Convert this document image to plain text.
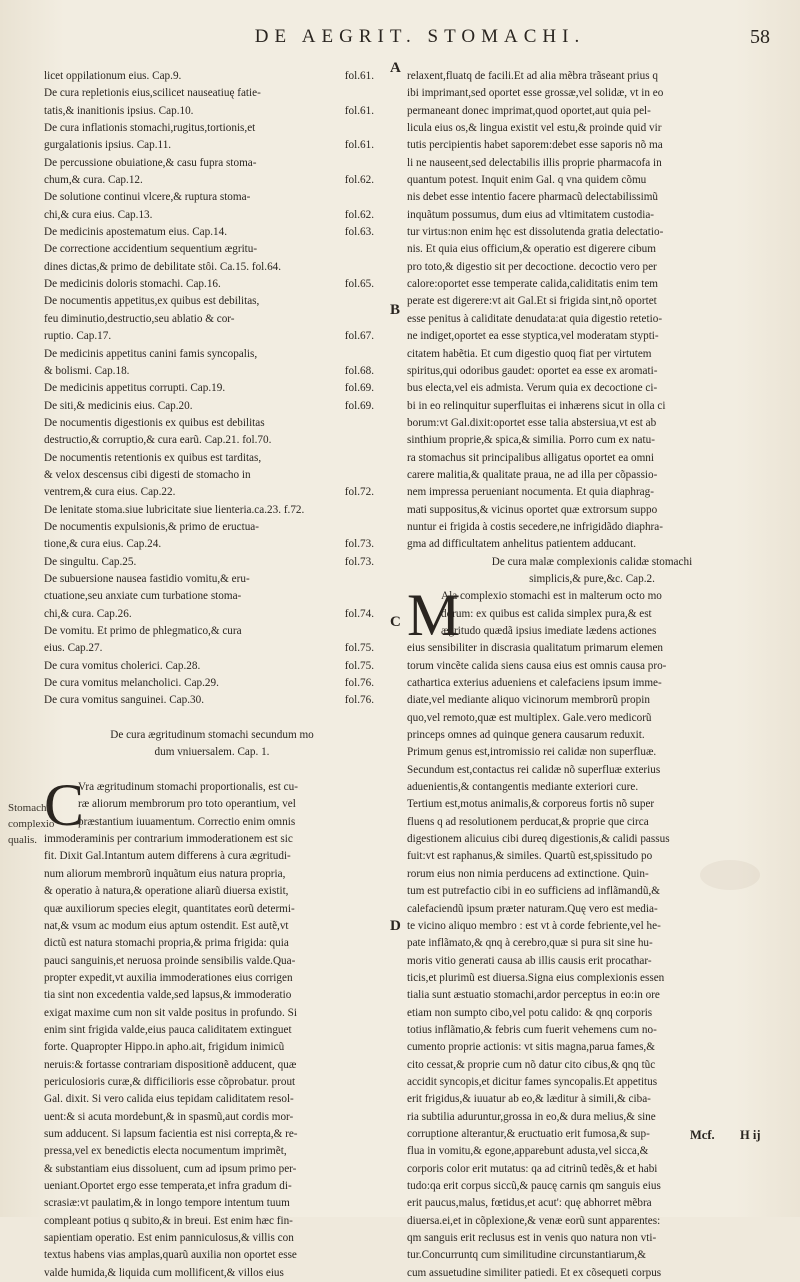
DE AEGRIT. STOMACHI.	58
licet oppilationum eius. Cap.9.	fol.61.
De cura repletionis eius,scilicet nauseatiuę fatie-
tatis,& inanitionis ipsius. Cap.10.	fol.61.
De cura inflationis stomachi,rugitus,tortionis,et
gurgalationis ipsius. Cap.11.	fol.61.
De percussione obuiatione,& casu fupra stoma-
chum,& cura. Cap.12.	fol.62.
De solutione continui vlcere,& ruptura stoma-
chi,& cura eius. Cap.13.	fol.62.
De medicinis apostematum eius. Cap.14.	fol.63.
De correctione accidentium sequentium ægritu-
dines dictas,& primo de debilitate stôi. Ca.15. fol.64.
De medicinis doloris stomachi. Cap.16.	fol.65.
De nocumentis appetitus,ex quibus est debilitas,
feu diminutio,destructio,seu ablatio & cor-
ruptio. Cap.17.	fol.67.
De medicinis appetitus canini famis syncopalis,
& bolismi. Cap.18.	fol.68.
De medicinis appetitus corrupti. Cap.19.	fol.69.
De siti,& medicinis eius. Cap.20.	fol.69.
De nocumentis digestionis ex quibus est debilitas
destructio,& corruptio,& cura earũ. Cap.21. fol.70.
De nocumentis retentionis ex quibus est tarditas,
& velox descensus cibi digesti de stomacho in
ventrem,& cura eius. Cap.22.	fol.72.
De lenitate stoma.siue lubricitate siue lienteria.ca.23. f.72.
De nocumentis expulsionis,& primo de eructua-
tione,& cura eius. Cap.24.	fol.73.
De singultu. Cap.25.	fol.73.
De subuersione nausea fastidio vomitu,& eru-
ctuatione,seu anxiate cum turbatione stoma-
chi,& cura. Cap.26.	fol.74.
De vomitu. Et primo de phlegmatico,& cura
eius. Cap.27.	fol.75.
De cura vomitus cholerici. Cap.28.	fol.75.
De cura vomitus melancholici. Cap.29.	fol.76.
De cura vomitus sanguinei. Cap.30.	fol.76.

De cura ægritudinum stomachi secundum mo
dum vniuersalem. Cap. 1.

Vra ægritudinum stomachi proportionalis, est cu-
ræ aliorum membrorum pro toto operantium, vel
præstantium iuuamentum. Correctio enim omnis
immoderaminis per contrarium immoderationem est sic
fit. Dixit Gal.Intantum autem differens à cura ægritudi-
num aliorum membrorũ inquãtum eius natura propria,
& operatio à natura,& operatione aliarũ diuersa existit,
quæ auxiliorum species elegit, quantitates eorũ determi-
nat,& vsum ac modum eius aptum ostendit. Est autẽ,vt
dictũ est natura stomachi propria,& prima frigida: quia
pauci sanguinis,et neruosa proinde sensibilis valde.Qua-
propter expedit,vt auxilia immoderationes eius corrigen
tia sint non excedentia valde,sed lapsus,& immoderatio
exigat maxime cum non sit valde positus in profundo. Si
enim sint frigida valde,eius pauca caliditatem extinguet
forte. Quapropter Hippo.in apho.ait, frigidum inimicũ
neruis:& fortasse contrariam dispositionẽ adducent, quæ
periculosioris curæ,& difficilioris esse cõprobatur. prout
Gal. dixit. Si vero calida eius tepidam caliditatem resol-
uent:& si acuta mordebunt,& in spasmũ,aut cordis mor-
sum adducent. Si lapsum facientia est nisi correpta,& re-
pressa,vel ex benedictis electa nocumentum imprimẽt,
& substantiam eius dissoluent, cum ad ipsum primo per-
ueniant.Oportet ergo esse temperata,et infra gradum di-
scrasiæ:vt paulatim,& in longo tempore intentum tuum
compleant potius q subito,& in breui. Est enim hæc fin-
sapientiam operatio. Est enim panniculosus,& villis con
textus habens vias amplas,quarũ auxilia non oportet esse
valde humida,& liquida cum mollificent,& villos eius
C
relaxent,fluatq de facili.Et ad alia mẽbra trãseant prius q
ibi imprimant,sed oportet esse grossæ,vel solidæ, vt in eo
permaneant donec imprimat,quod oportet,aut quia pel-
licula eius os,& lingua existit vel estu,& proinde quid vir
tutis percipientis habet saporem:debet esse saporis nõ ma
li ne nauseent,sed delectabilis illis proprie pharmacofa in
quantum potest. Inquit enim Gal. q vna quidem cõmu
nis debet esse intentio facere pharmacũ delectabilissimũ
inquãtum possumus, dum eius ad vltimitatem custodia-
tur virtus:non enim hęc est dissolutenda gratia delectatio-
nis. Et quia eius officium,& operatio est digerere cibum
pro toto,& digestio sit per decoctione. decoctio vero per
calore:oportet esse temperate calida,caliditatis enim tem
perate est digerere:vt ait Gal.Et si frigida sint,nõ oportet
esse penitus à caliditate denudata:at quia digestio retetio-
ne indiget,oportet ea esse styptica,vel moderatam stypti-
citatem habẽtia. Et cum digestio quoq fiat per virtutem
spiritus,qui odoribus gaudet: oportet ea esse ex aromati-
bus electa,vel eis admista. Verum quia ex decoctione ci-
bi in eo relinquitur superfluitas ei inhærens sicut in olla ci
borum:vt Gal.dixit:oportet esse talia abstersiua,vt est ab
sinthium proprie,& spica,& similia. Porro cum ex natu-
ra stomachus sit principalibus alligatus oportet ea omni
carere malitia,& qualitate praua, ne ad illa per cõpassio-
nem impressa perueniant nocumenta. Et quia diaphrag-
mati suppositus,& vicinus oportet quæ extrorsum suppo
nuntur ei frigida à costis secedere,ne infrigidãdo diaphra-
gma ad difficultatem anhelitus patientem adducant.
De cura malæ complexionis calidæ stomachi
simplicis,& pure,&c. Cap.2.
Ala complexio stomachi est in malterum octo mo
dorum: ex quibus est calida simplex pura,& est
ægritudo quædã ipsius imediate lædens actiones
eius sensibiliter in discrasia qualitatum primarum elemen
torum vincẽte calida siens causa eius est omnis causa pro-
cathartica exterius adueniens et calefaciens ipsum imme-
diate,vel mediante aliquo vicinorum membrorũ propin
quo,vel remoto,quæ est multiplex. Gale.vero medicorũ
princeps omnes ad quinque genera causarum reduxit.
Primum genus est,intromissio rei calidæ non superfluæ.
Secundum est,contactus rei calidæ nõ superfluæ exterius
aduenientis,& contangentis mediante exteriori cure.
Tertium est,motus animalis,& corporeus fortis nõ super
fluens q ad resolutionem perducat,& proprie que circa
digestionem alicuius cibi dureq digestionis,& calidi passus
fuit:vt est raphanus,& similes. Quartũ est,spissitudo po
rorum eius non nimia perducens ad extinctione. Quin-
tum est putrefactio cibi in eo sufficiens ad inflãmandũ,&
calefaciendũ ipsum præter naturam.Quę vero est media-
te vicino aliquo membro : est vt à corde febriente,vel he-
pate inflãmato,& qnq à cerebro,quæ si pura sit sine hu-
moris vitio generati causa ab illis causis erit procathar-
ticis,et plurimũ est diuersa.Signa eius complexionis essen
tialia sunt æstuatio stomachi,ardor perceptus in eo:in ore
etiam non sumpto cibo,vel potu calido: & qnq corporis
totius inflãmatio,& febris cum fuerit vehemens cum no-
cumento proprie actionis: vt sitis magna,parua fames,&
cito cessat,& proprie cum nõ datur cito cibus,& qnq tũc
accidit syncopis,et dicitur fames syncopalis.Et appetitus
erit frigidus,& iuuatur ab eo,& læditur à simili,& ciba-
ria subtilia aduruntur,grossa in eo,& dura melius,& sine
corruptione alterantur,& eructuatio erit fumosa,& sup-
flua in vomitu,& egone,apparebunt adusta,vel sicca,&
corporis color erit mutatus: qa ad citrinũ tedẽs,& et habi
tudo:qa erit corpus siccũ,& paucę carnis qm sanguis eius
erit paucus,malus, fœtidus,et acut': quę abhorret mẽbra
diuersa.ei,et in cõplexione,& venæ eorũ sunt apparentes:
qm sanguis erit reclusus est in venis quo natura non vti-
tur.Concurruntq cum similitudine circunstantiarum,&
cum assuetudine similiter patiedi. Et ex cõsequeti corpus
M
A
B
C
D
Stomachi
complexio
qualis.
Mcf. H ij
